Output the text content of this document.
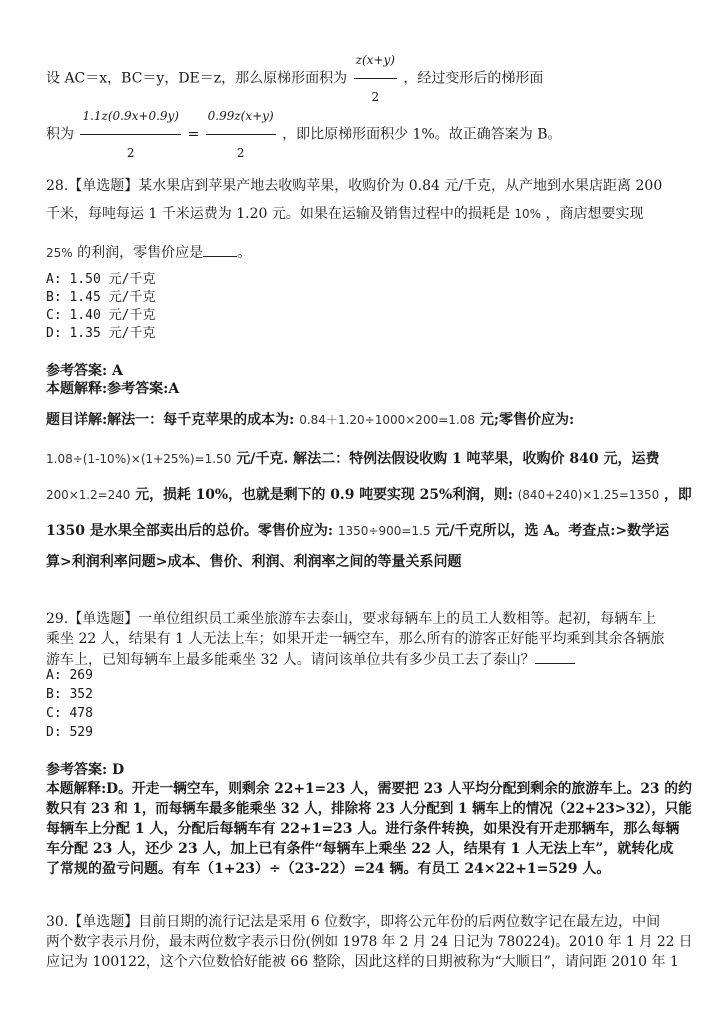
设 AC＝x，BC＝y，DE＝z，那么原梯形面积为 $\frac{z(x+y)}{2}$ ，经过变形后的梯形面
积为 $\frac{1.1z(0.9x+0.9y)}{2} = \frac{0.99z(x+y)}{2}$ ，即比原梯形面积少 1%。故正确答案为 B。
28.【单选题】某水果店到苹果产地去收购苹果，收购价为 0.84 元/千克，从产地到水果店距离 200
千米，每吨每运 1 千米运费为 1.20 元。如果在运输及销售过程中的损耗是 10% ，商店想要实现
25% 的利润，零售价应是 。
A: 1.50 元/千克
B: 1.45 元/千克
C: 1.40 元/千克
D: 1.35 元/千克
参考答案: A
本题解释:参考答案:A
题目详解:解法一：每千克苹果的成本为: 0.84＋1.20÷1000×200=1.08 元;零售价应为:
1.08÷(1-10%)×(1+25%)=1.50 元/千克. 解法二：特例法假设收购 1 吨苹果，收购价 840 元，运费
200×1.2=240 元，损耗 10%，也就是剩下的 0.9 吨要实现 25%利润，则: (840+240)×1.25=1350 ，即
1350 是水果全部卖出后的总价。零售价应为: 1350÷900=1.5 元/千克所以，选 A。考查点:>数学运
算>利润利率问题>成本、售价、利润、利润率之间的等量关系问题
29.【单选题】一单位组织员工乘坐旅游车去泰山，要求每辆车上的员工人数相等。起初，每辆车上
乘坐 22 人，结果有 1 人无法上车；如果开走一辆空车，那么所有的游客正好能平均乘到其余各辆旅
游车上，已知每辆车上最多能乘坐 32 人。请问该单位共有多少员工去了泰山？
A: 269
B: 352
C: 478
D: 529
参考答案: D
本题解释:D。开走一辆空车，则剩余 22+1=23 人，需要把 23 人平均分配到剩余的旅游车上。23 的约
数只有 23 和 1，而每辆车最多能乘坐 32 人，排除将 23 人分配到 1 辆车上的情况（22+23>32），只能
每辆车上分配 1 人，分配后每辆车有 22+1=23 人。进行条件转换，如果没有开走那辆车，那么每辆
车分配 23 人，还少 23 人，加上已有条件“每辆车上乘坐 22 人，结果有 1 人无法上车”，就转化成
了常规的盈亏问题。有车（1+23）÷（23-22）=24 辆。有员工 24×22+1=529 人。
30.【单选题】目前日期的流行记法是采用 6 位数字，即将公元年份的后两位数字记在最左边，中间
两个数字表示月份，最末两位数字表示日份(例如 1978 年 2 月 24 日记为 780224)。2010 年 1 月 22 日
应记为 100122，这个六位数恰好能被 66 整除，因此这样的日期被称为“大顺日”，请问距 2010 年 1
